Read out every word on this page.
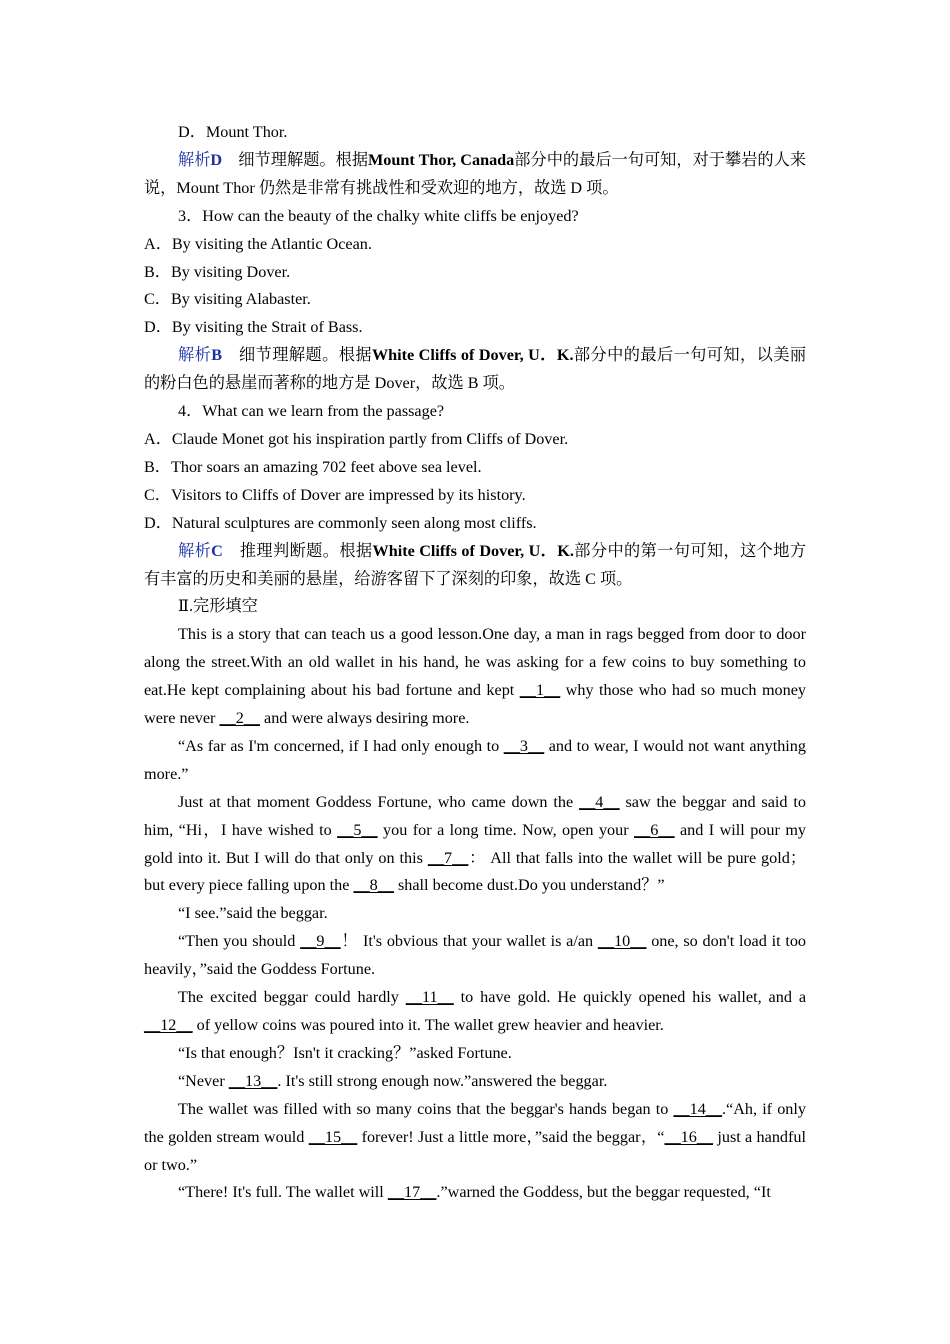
D．Mount Thor.

解析D　细节理解题。根据Mount Thor, Canada部分中的最后一句可知，对于攀岩的人来说，Mount Thor 仍然是非常有挑战性和受欢迎的地方，故选 D 项。

3．How can the beauty of the chalky white cliffs be enjoyed?

A．By visiting the Atlantic Ocean.

B．By visiting Dover.

C．By visiting Alabaster.

D．By visiting the Strait of Bass.

解析B　细节理解题。根据White Cliffs of Dover, U．K.部分中的最后一句可知，以美丽的粉白色的悬崖而著称的地方是 Dover，故选 B 项。

4．What can we learn from the passage?

A．Claude Monet got his inspiration partly from Cliffs of Dover.

B．Thor soars an amazing 702 feet above sea level.

C．Visitors to Cliffs of Dover are impressed by its history.

D．Natural sculptures are commonly seen along most cliffs.

解析C　推理判断题。根据White Cliffs of Dover, U．K.部分中的第一句可知，这个地方有丰富的历史和美丽的悬崖，给游客留下了深刻的印象，故选 C 项。

Ⅱ.完形填空

This is a story that can teach us a good lesson.One day, a man in rags begged from door to door along the street.With an old wallet in his hand, he was asking for a few coins to buy something to eat.He kept complaining about his bad fortune and kept __1__ why those who had so much money were never __2__ and were always desiring more.

“As far as I'm concerned, if I had only enough to __3__ and to wear, I would not want anything more.”

Just at that moment Goddess Fortune, who came down the __4__ saw the beggar and said to him, “Hi，I have wished to __5__ you for a long time. Now, open your __6__ and I will pour my gold into it. But I will do that only on this __7__： All that falls into the wallet will be pure gold；but every piece falling upon the __8__ shall become dust.Do you understand？”

“I see.”said the beggar.

“Then you should __9__！ It's obvious that your wallet is a/an __10__ one, so don't load it too heavily，”said the Goddess Fortune.

The excited beggar could hardly __11__ to have gold. He quickly opened his wallet, and a __12__ of yellow coins was poured into it. The wallet grew heavier and heavier.

“Is that enough？Isn't it cracking？”asked Fortune.

“Never __13__. It's still strong enough now.”answered the beggar.

The wallet was filled with so many coins that the beggar's hands began to __14__.“Ah, if only the golden stream would __15__ forever! Just a little more，”said the beggar，“__16__ just a handful or two.”

“There! It's full. The wallet will __17__.”warned the Goddess, but the beggar requested, “It
